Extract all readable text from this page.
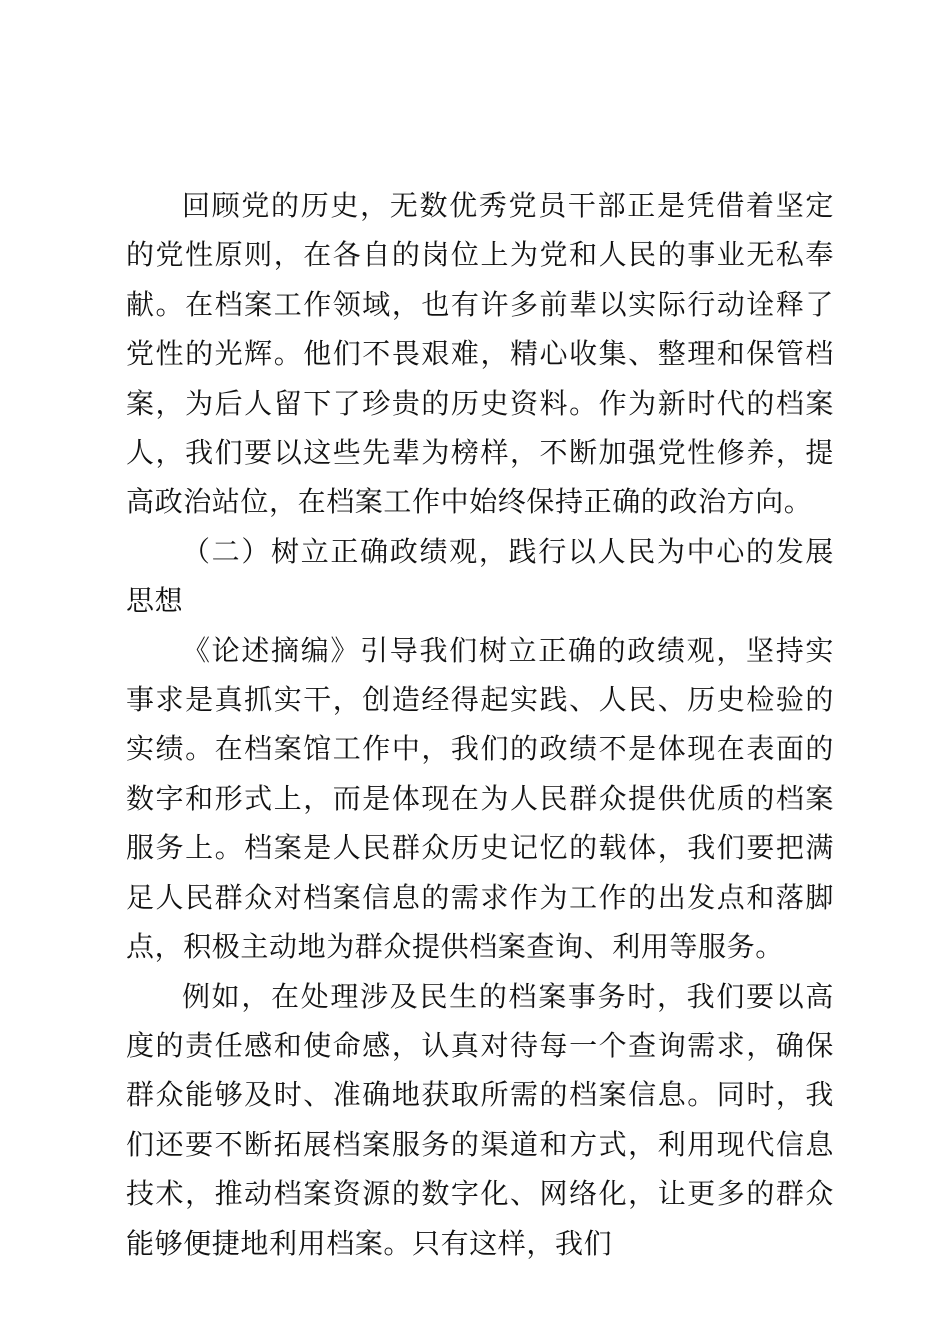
回顾党的历史，无数优秀党员干部正是凭借着坚定的党性原则，在各自的岗位上为党和人民的事业无私奉献。在档案工作领域，也有许多前辈以实际行动诠释了党性的光辉。他们不畏艰难，精心收集、整理和保管档案，为后人留下了珍贵的历史资料。作为新时代的档案人，我们要以这些先辈为榜样，不断加强党性修养，提高政治站位，在档案工作中始终保持正确的政治方向。

（二）树立正确政绩观，践行以人民为中心的发展思想

《论述摘编》引导我们树立正确的政绩观，坚持实事求是真抓实干，创造经得起实践、人民、历史检验的实绩。在档案馆工作中，我们的政绩不是体现在表面的数字和形式上，而是体现在为人民群众提供优质的档案服务上。档案是人民群众历史记忆的载体，我们要把满足人民群众对档案信息的需求作为工作的出发点和落脚点，积极主动地为群众提供档案查询、利用等服务。

例如，在处理涉及民生的档案事务时，我们要以高度的责任感和使命感，认真对待每一个查询需求，确保群众能够及时、准确地获取所需的档案信息。同时，我们还要不断拓展档案服务的渠道和方式，利用现代信息技术，推动档案资源的数字化、网络化，让更多的群众能够便捷地利用档案。只有这样，我们
